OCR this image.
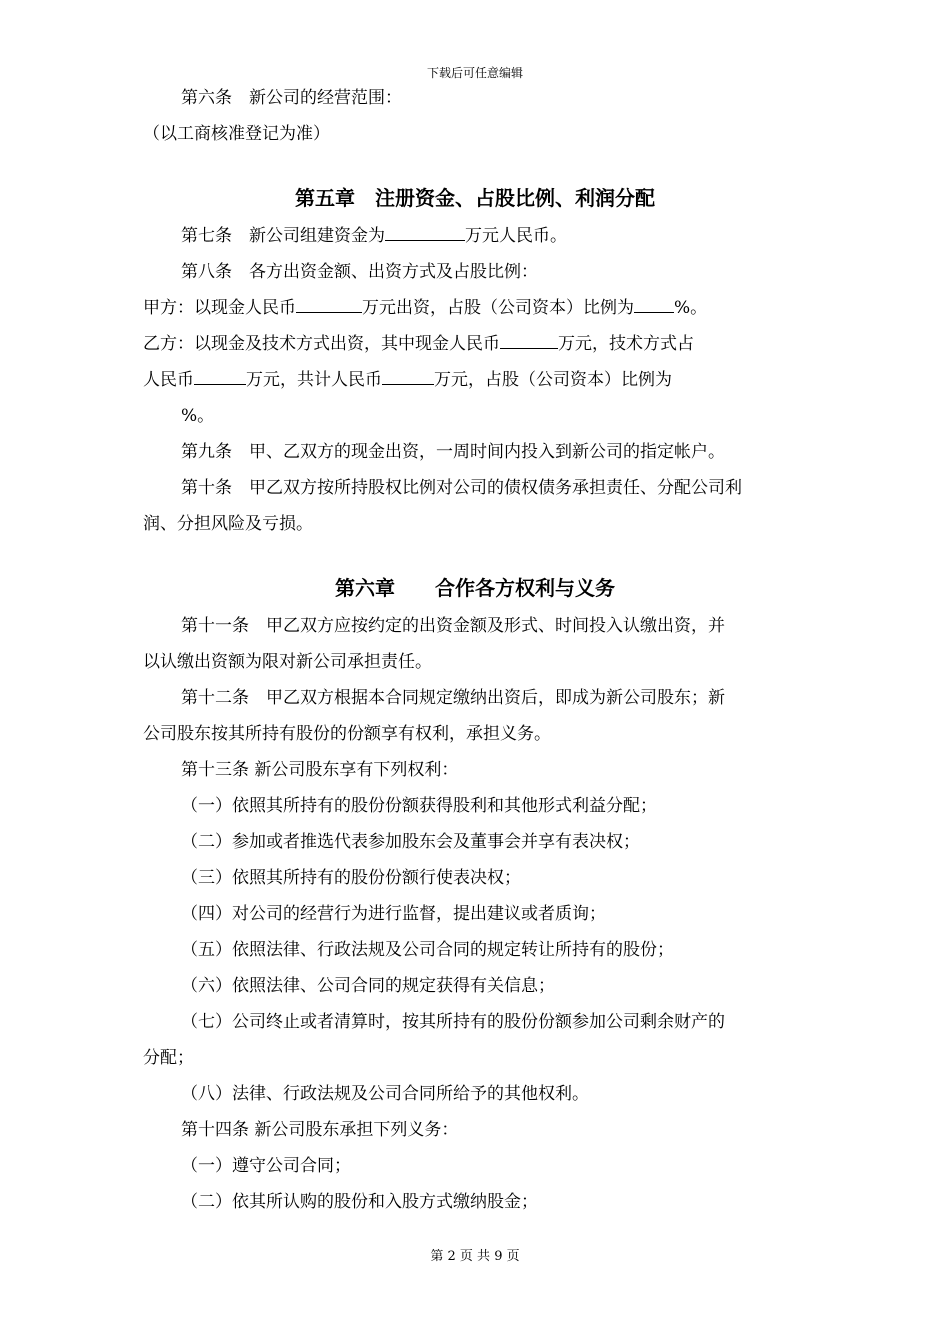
下载后可任意编辑

第六条　新公司的经营范围：

（以工商核准登记为准）

第五章　注册资金、占股比例、利润分配

第七条　新公司组建资金为	万元人民币。

第八条　各方出资金额、出资方式及占股比例：

甲方：以现金人民币	万元出资，占股（公司资本）比例为 %。

乙方：以现金及技术方式出资，其中现金人民币	万元，技术方式占

人民币	万元，共计人民币	万元，占股（公司资本）比例为

%。

第九条　甲、乙双方的现金出资，一周时间内投入到新公司的指定帐户。

第十条　甲乙双方按所持股权比例对公司的债权债务承担责任、分配公司利

润、分担风险及亏损。

第六章　　合作各方权利与义务

第十一条　甲乙双方应按约定的出资金额及形式、时间投入认缴出资，并

以认缴出资额为限对新公司承担责任。

第十二条　甲乙双方根据本合同规定缴纳出资后，即成为新公司股东；新

公司股东按其所持有股份的份额享有权利，承担义务。

第十三条 新公司股东享有下列权利：

（一）依照其所持有的股份份额获得股利和其他形式利益分配；

（二）参加或者推选代表参加股东会及董事会并享有表决权；

（三）依照其所持有的股份份额行使表决权；

（四）对公司的经营行为进行监督，提出建议或者质询；

（五）依照法律、行政法规及公司合同的规定转让所持有的股份；

（六）依照法律、公司合同的规定获得有关信息；

（七）公司终止或者清算时，按其所持有的股份份额参加公司剩余财产的

分配；

（八）法律、行政法规及公司合同所给予的其他权利。

第十四条 新公司股东承担下列义务：

（一）遵守公司合同；

（二）依其所认购的股份和入股方式缴纳股金；

第 2 页 共 9 页
